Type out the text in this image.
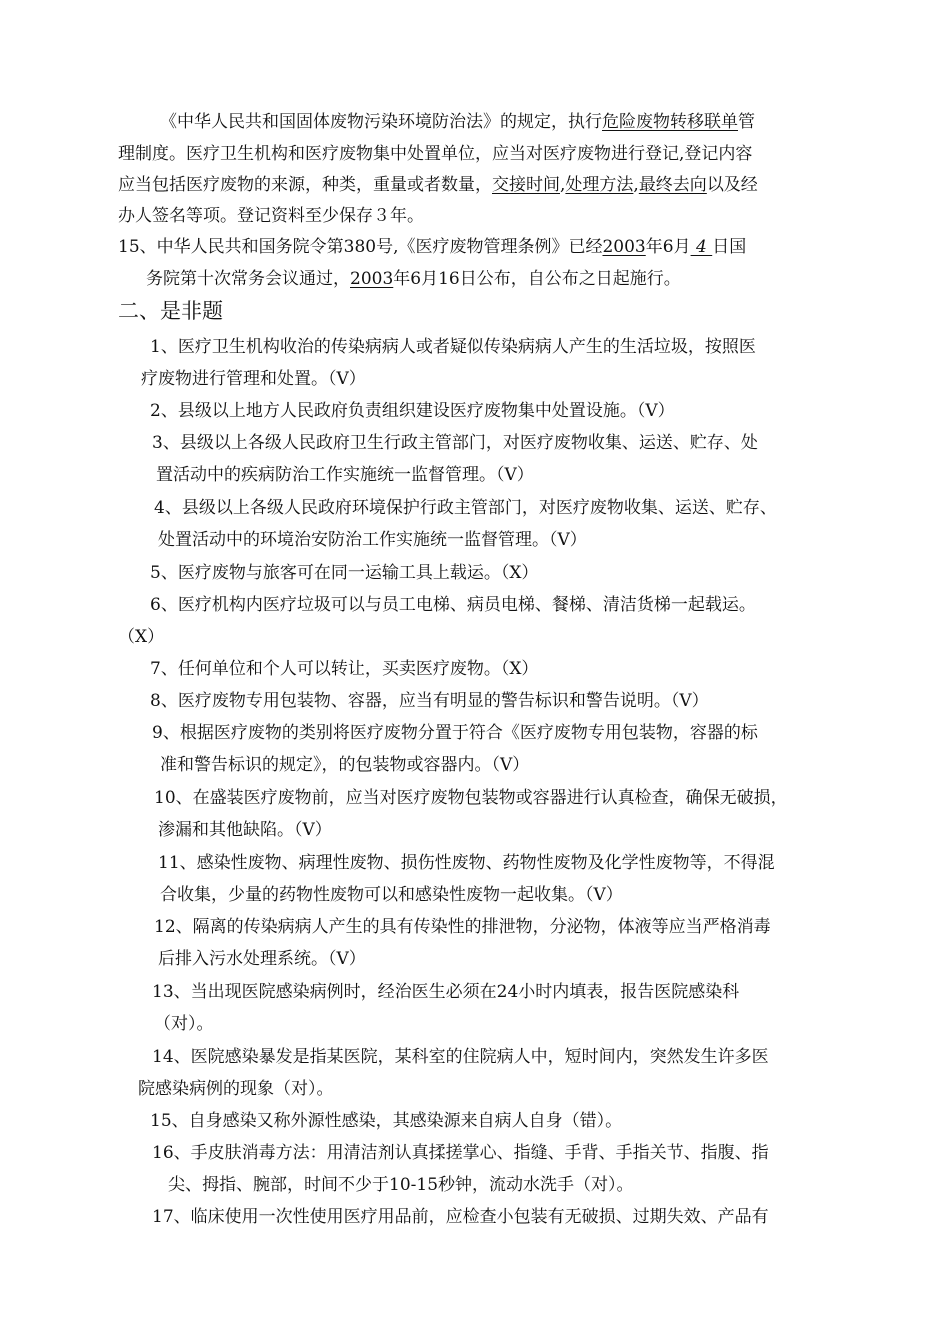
《中华人民共和国固体废物污染环境防治法》的规定，执行危险废物转移联单管
理制度。医疗卫生机构和医疗废物集中处置单位，应当对医疗废物进行登记,登记内容
应当包括医疗废物的来源，种类，重量或者数量，交接时间,处理方法,最终去向以及经
办人签名等项。登记资料至少保存３年。
15、中华人民共和国务院令第380号,《医疗废物管理条例》已经2003年6月 4 日国
务院第十次常务会议通过，2003年6月16日公布，自公布之日起施行。
二、是非题
1、医疗卫生机构收治的传染病病人或者疑似传染病病人产生的生活垃圾，按照医
疗废物进行管理和处置。（V）
2、县级以上地方人民政府负责组织建设医疗废物集中处置设施。（V）
3、县级以上各级人民政府卫生行政主管部门，对医疗废物收集、运送、贮存、处
置活动中的疾病防治工作实施统一监督管理。（V）
4、县级以上各级人民政府环境保护行政主管部门，对医疗废物收集、运送、贮存、
处置活动中的环境治安防治工作实施统一监督管理。（V）
5、医疗废物与旅客可在同一运输工具上载运。（X）
6、医疗机构内医疗垃圾可以与员工电梯、病员电梯、餐梯、清洁货梯一起载运。
（X）
7、任何单位和个人可以转让，买卖医疗废物。（X）
8、医疗废物专用包装物、容器，应当有明显的警告标识和警告说明。（V）
9、根据医疗废物的类别将医疗废物分置于符合《医疗废物专用包装物，容器的标
准和警告标识的规定》，的包装物或容器内。（V）
10、在盛装医疗废物前，应当对医疗废物包装物或容器进行认真检查，确保无破损，
渗漏和其他缺陷。（V）
11、感染性废物、病理性废物、损伤性废物、药物性废物及化学性废物等，不得混
合收集，少量的药物性废物可以和感染性废物一起收集。（V）
12、隔离的传染病病人产生的具有传染性的排泄物，分泌物，体液等应当严格消毒
后排入污水处理系统。（V）
13、当出现医院感染病例时，经治医生必须在24小时内填表，报告医院感染科
（对）。
14、医院感染暴发是指某医院，某科室的住院病人中，短时间内，突然发生许多医
院感染病例的现象（对）。
15、自身感染又称外源性感染，其感染源来自病人自身（错）。
16、手皮肤消毒方法：用清洁剂认真揉搓掌心、指缝、手背、手指关节、指腹、指
尖、拇指、腕部，时间不少于10-15秒钟，流动水洗手（对）。
17、临床使用一次性使用医疗用品前，应检查小包装有无破损、过期失效、产品有
